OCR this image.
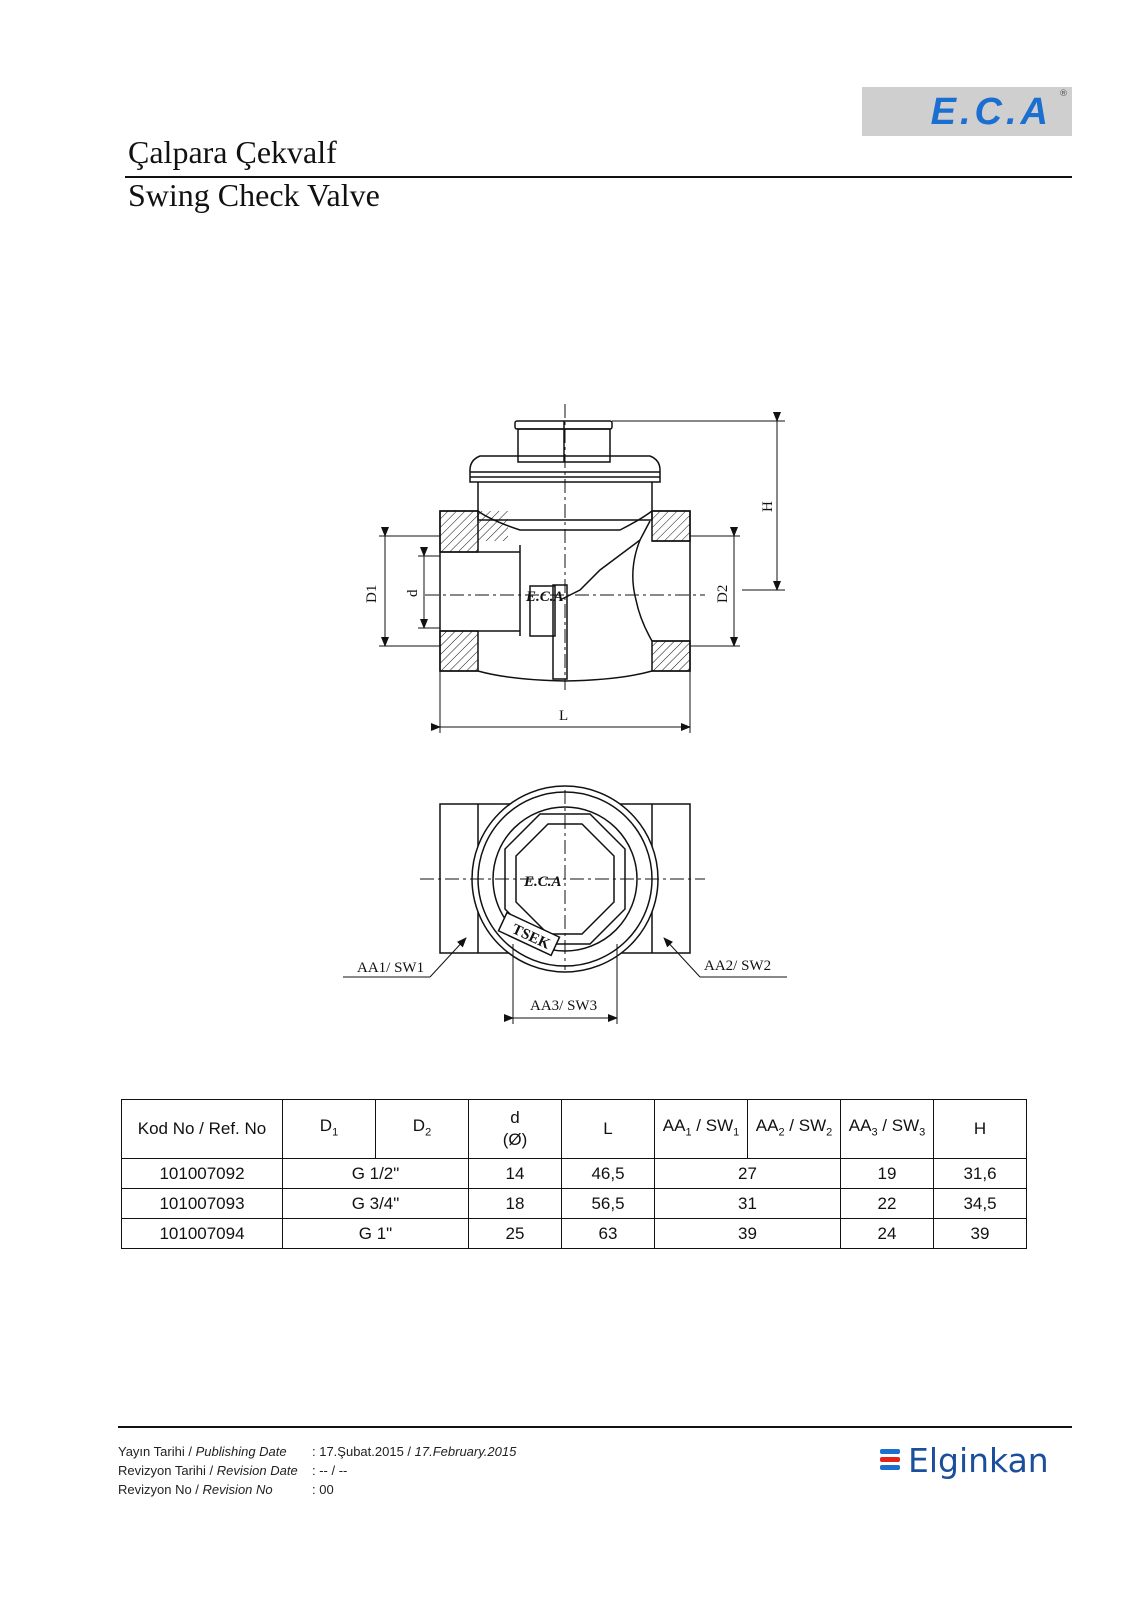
E.C.A ®
Çalpara Çekvalf
Swing Check Valve
E.C.A
H
D1 d	D2
L
E.C.A
TSEK
AA1/ SW1	AA2/ SW2
AA3/ SW3
Kod No / Ref. No	$D_1$	$D_2$	d
(Ø)	L	$AA_1 / SW_1$	$AA_2 / SW_2$	$AA_3 / SW_3$	H
101007092	G 1/2"		14	46,5	27		19	31,6
101007093	G 3/4"		18	56,5	31		22	34,5
101007094	G 1"		25	63	39		24	39
Yayın Tarihi / Publishing Date : 17.Şubat.2015 / 17.February.2015
Revizyon Tarihi / Revision Date : -- / --
Revizyon No / Revision No	: 00
Elginkan
